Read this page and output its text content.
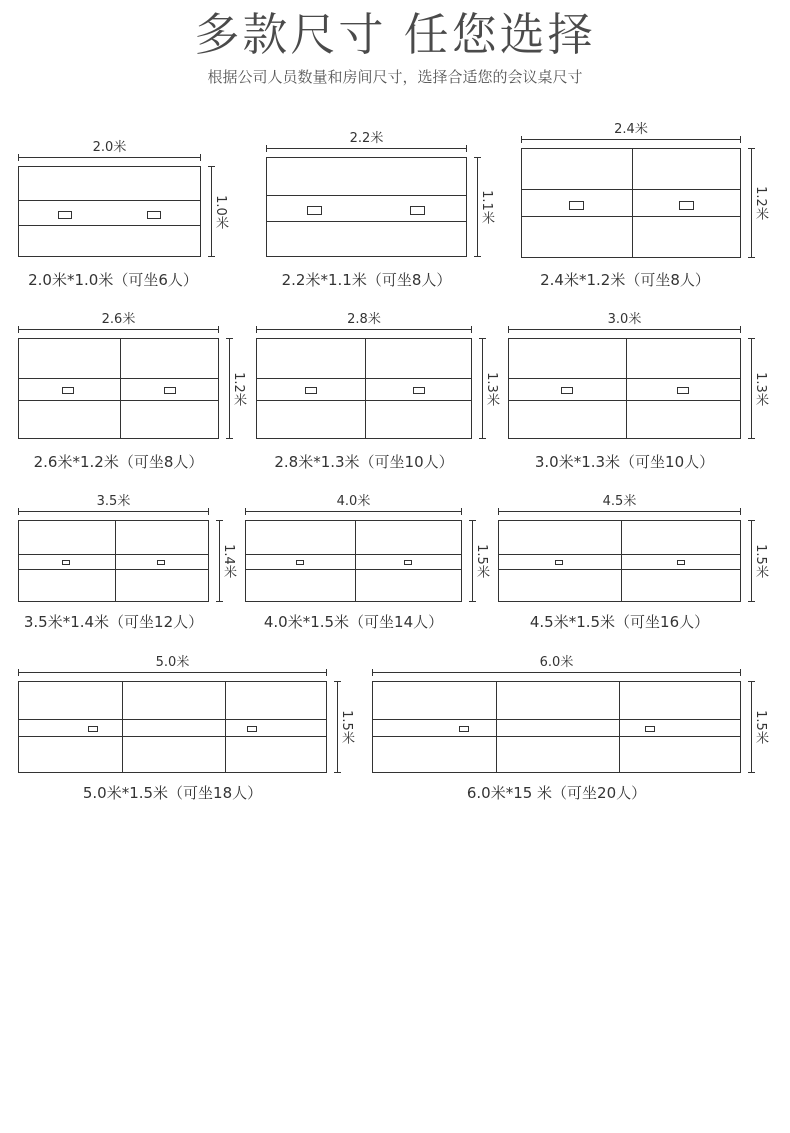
多款尺寸 任您选择
根据公司人员数量和房间尺寸，选择合适您的会议桌尺寸
2.0米
1.0米
2.0米*1.0米（可坐6人）
2.2米
1.1米
2.2米*1.1米（可坐8人）
2.4米
1.2米
2.4米*1.2米（可坐8人）
2.6米
1.2米
2.6米*1.2米（可坐8人）
2.8米
1.3米
2.8米*1.3米（可坐10人）
3.0米
1.3米
3.0米*1.3米（可坐10人）
3.5米
1.4米
3.5米*1.4米（可坐12人）
4.0米
1.5米
4.0米*1.5米（可坐14人）
4.5米
1.5米
4.5米*1.5米（可坐16人）
5.0米
1.5米
5.0米*1.5米（可坐18人）
6.0米
1.5米
6.0米*15 米（可坐20人）
